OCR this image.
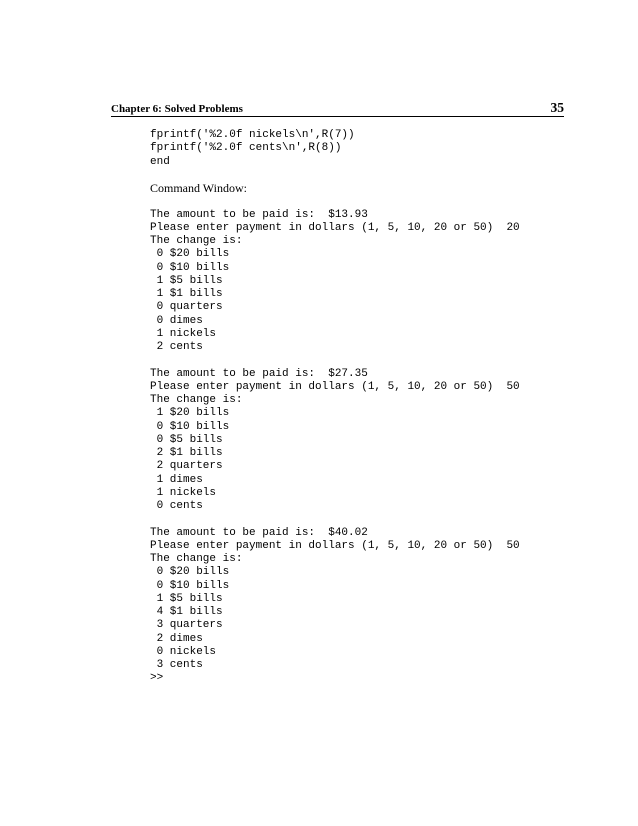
Chapter 6: Solved Problems	35
fprintf('%2.0f nickels\n',R(7))
fprintf('%2.0f cents\n',R(8))
end
Command Window:
The amount to be paid is:  $13.93
Please enter payment in dollars (1, 5, 10, 20 or 50)  20
The change is:
0 $20 bills
0 $10 bills
1 $5 bills
1 $1 bills
0 quarters
0 dimes
1 nickels
2 cents
The amount to be paid is:  $27.35
Please enter payment in dollars (1, 5, 10, 20 or 50)  50
The change is:
1 $20 bills
0 $10 bills
0 $5 bills
2 $1 bills
2 quarters
1 dimes
1 nickels
0 cents
The amount to be paid is:  $40.02
Please enter payment in dollars (1, 5, 10, 20 or 50)  50
The change is:
0 $20 bills
0 $10 bills
1 $5 bills
4 $1 bills
3 quarters
2 dimes
0 nickels
3 cents
>>
